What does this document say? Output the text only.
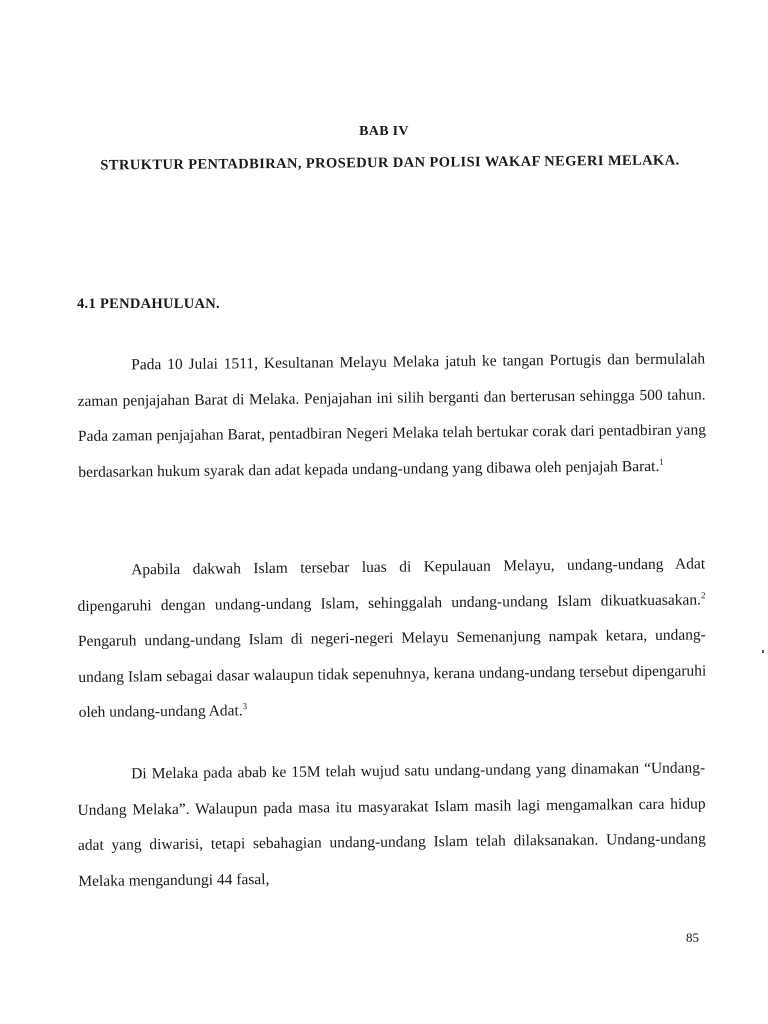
BAB IV
STRUKTUR PENTADBIRAN, PROSEDUR DAN POLISI WAKAF NEGERI MELAKA.
4.1 PENDAHULUAN.

Pada 10 Julai 1511, Kesultanan Melayu Melaka jatuh ke tangan Portugis dan bermulalah zaman penjajahan Barat di Melaka. Penjajahan ini silih berganti dan berterusan sehingga 500 tahun. Pada zaman penjajahan Barat, pentadbiran Negeri Melaka telah bertukar corak dari pentadbiran yang berdasarkan hukum syarak dan adat kepada undang-undang yang dibawa oleh penjajah Barat.$^1$

Apabila dakwah Islam tersebar luas di Kepulauan Melayu, undang-undang Adat dipengaruhi dengan undang-undang Islam, sehinggalah undang-undang Islam dikuatkuasakan.$^2$ Pengaruh undang-undang Islam di negeri-negeri Melayu Semenanjung nampak ketara, undang-undang Islam sebagai dasar walaupun tidak sepenuhnya, kerana undang-undang tersebut dipengaruhi oleh undang-undang Adat.$^3$

Di Melaka pada abab ke 15M telah wujud satu undang-undang yang dinamakan “Undang-Undang Melaka”. Walaupun pada masa itu masyarakat Islam masih lagi mengamalkan cara hidup adat yang diwarisi, tetapi sebahagian undang-undang Islam telah dilaksanakan. Undang-undang Melaka mengandungi 44 fasal,

85
